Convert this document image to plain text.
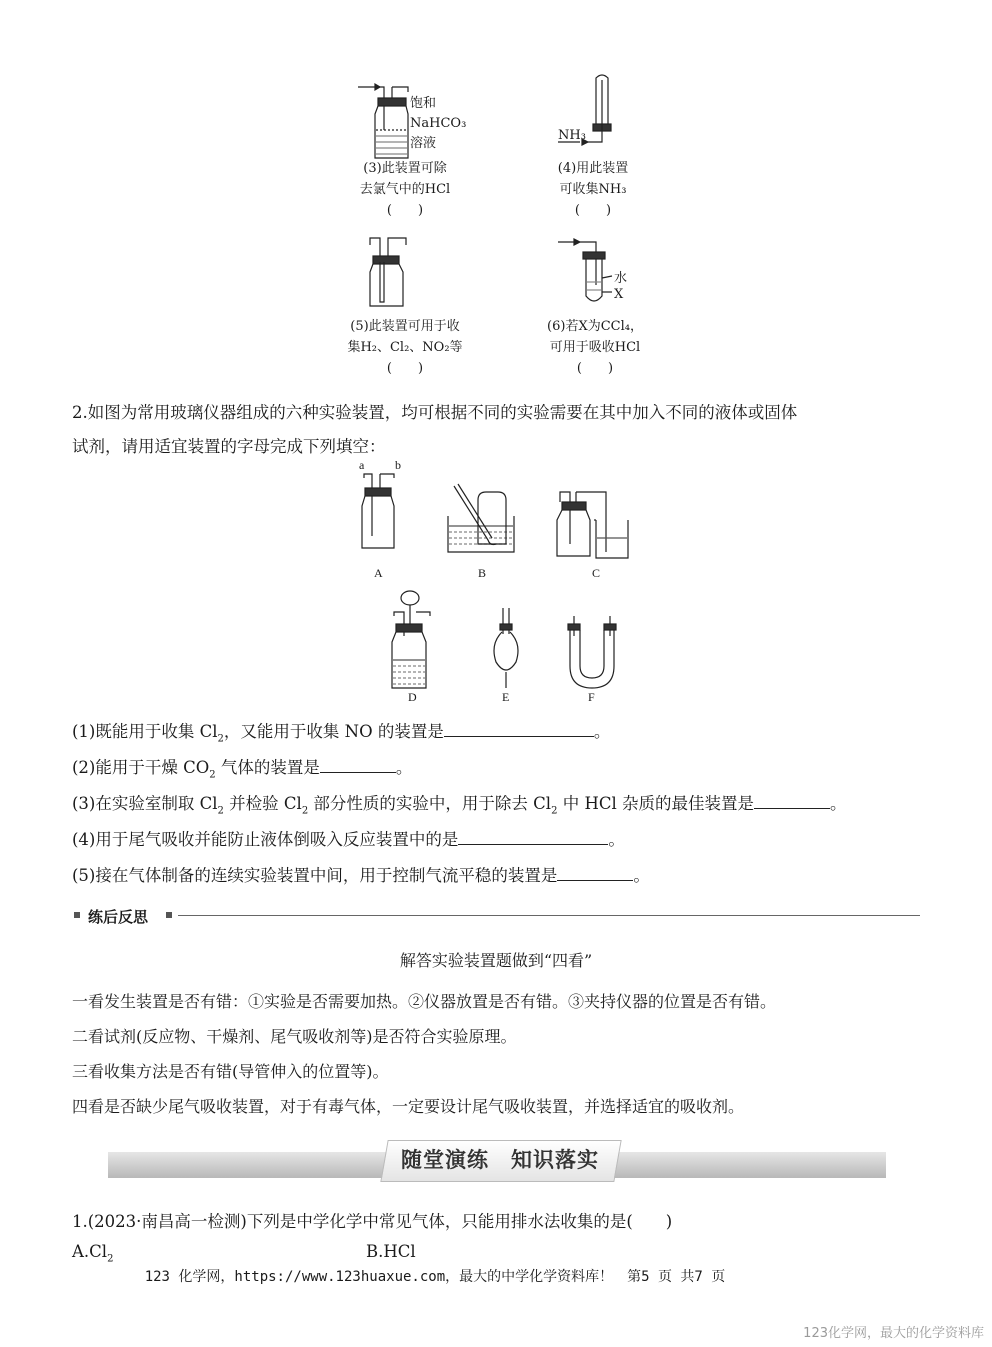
饱和
NaHCO₃
溶液
(3)此装置可除
去氯气中的HCl
(　　)
NH₃
(4)用此装置
可收集NH₃
(　　)
(5)此装置可用于收
集H₂、Cl₂、NO₂等
(　　)
水
X
(6)若X为CCl₄，
可用于吸收HCl
(　　)
2.如图为常用玻璃仪器组成的六种实验装置，均可根据不同的实验需要在其中加入不同的液体或固体
试剂，请用适宜装置的字母完成下列填空：
a	b
A	B	C
D	E	F
(1)既能用于收集 $Cl_2$，又能用于收集 NO 的装置是	。
(2)能用于干燥 $CO_2$ 气体的装置是	。
(3)在实验室制取 $Cl_2$ 并检验 $Cl_2$ 部分性质的实验中，用于除去 $Cl_2$ 中 HCl 杂质的最佳装置是	。
(4)用于尾气吸收并能防止液体倒吸入反应装置中的是	。
(5)接在气体制备的连续实验装置中间，用于控制气流平稳的装置是	。
练后反思
解答实验装置题做到“四看”
一看发生装置是否有错：①实验是否需要加热。②仪器放置是否有错。③夹持仪器的位置是否有错。
二看试剂(反应物、干燥剂、尾气吸收剂等)是否符合实验原理。
三看收集方法是否有错(导管伸入的位置等)。
四看是否缺少尾气吸收装置，对于有毒气体，一定要设计尾气吸收装置，并选择适宜的吸收剂。
随堂演练　知识落实
1.(2023·南昌高一检测)下列是中学化学中常见气体，只能用排水法收集的是(　　)
$A.Cl_2$	B.HCl
123 化学网，https://www.123huaxue.com，最大的中学化学资料库！　第5 页 共7 页
123化学网，最大的化学资料库
